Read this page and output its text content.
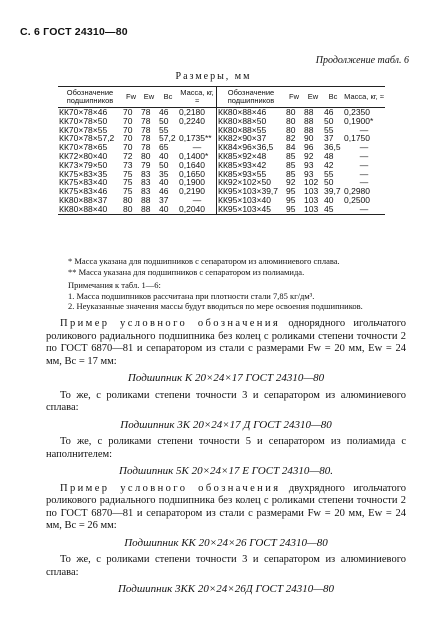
С. 6 ГОСТ 24310—80
Продолжение табл. 6
Размеры, мм
Обозначение подшипников	Fw	Ew	Bc	Масса, кг, ≈	Обозначение подшипников	Fw	Ew	Bc	Масса, кг, ≈
КК70×78×46	70	78	46	0,2180	КК80×88×46	80	88	46	0,2350
КК70×78×50	70	78	50	0,2240	КК80×88×50	80	88	50	0,1900*
КК70×78×55	70	78	55		КК80×88×55	80	88	55	—
КК70×78×57,2	70	78	57,2	0,1735**	КК82×90×37	82	90	37	0,1750
КК70×78×65	70	78	65	—	КК84×96×36,5	84	96	36,5	—
КК72×80×40	72	80	40	0,1400*	КК85×92×48	85	92	48	—
КК73×79×50	73	79	50	0,1640	КК85×93×42	85	93	42	—
КК75×83×35	75	83	35	0,1650	КК85×93×55	85	93	55	—
КК75×83×40	75	83	40	0,1900	КК92×102×50	92	102	50	—
КК75×83×46	75	83	46	0,2190	КК95×103×39,7	95	103	39,7	0,2980
КК80×88×37	80	88	37	—	КК95×103×40	95	103	40	0,2500
КК80×88×40	80	88	40	0,2040	КК95×103×45	95	103	45	—

* Масса указана для подшипников с сепаратором из алюминиевого сплава.

** Масса указана для подшипников с сепаратором из полиамида.

Примечания к табл. 1—6:

1. Масса подшипников рассчитана при плотности стали 7,85 кг/дм³.

2. Неуказанные значения массы будут вводиться по мере освоения подшипников.

Пример условного обозначения однорядного игольчатого роликового радиального подшипника без колец с роликами степени точности 2 по ГОСТ 6870—81 и сепаратором из стали с размерами Fw = 20 мм, Ew = 24 мм, Bc = 17 мм:

Подшипник К 20×24×17 ГОСТ 24310—80

То же, с роликами степени точности 3 и сепаратором из алюминиевого сплава:

Подшипник 3К 20×24×17 Д ГОСТ 24310—80

То же, с роликами степени точности 5 и сепаратором из полиамида с наполнителем:

Подшипник 5К 20×24×17 Е ГОСТ 24310—80.

Пример условного обозначения двухрядного игольчатого роликового радиального подшипника без колец с роликами степени точности 2 по ГОСТ 6870—81 и сепаратором из стали с размерами Fw = 20 мм, Ew = 24 мм, Bc = 26 мм:

Подшипник КК 20×24×26 ГОСТ 24310—80

То же, с роликами степени точности 3 и сепаратором из алюминиевого сплава:

Подшипник 3КК 20×24×26Д ГОСТ 24310—80
